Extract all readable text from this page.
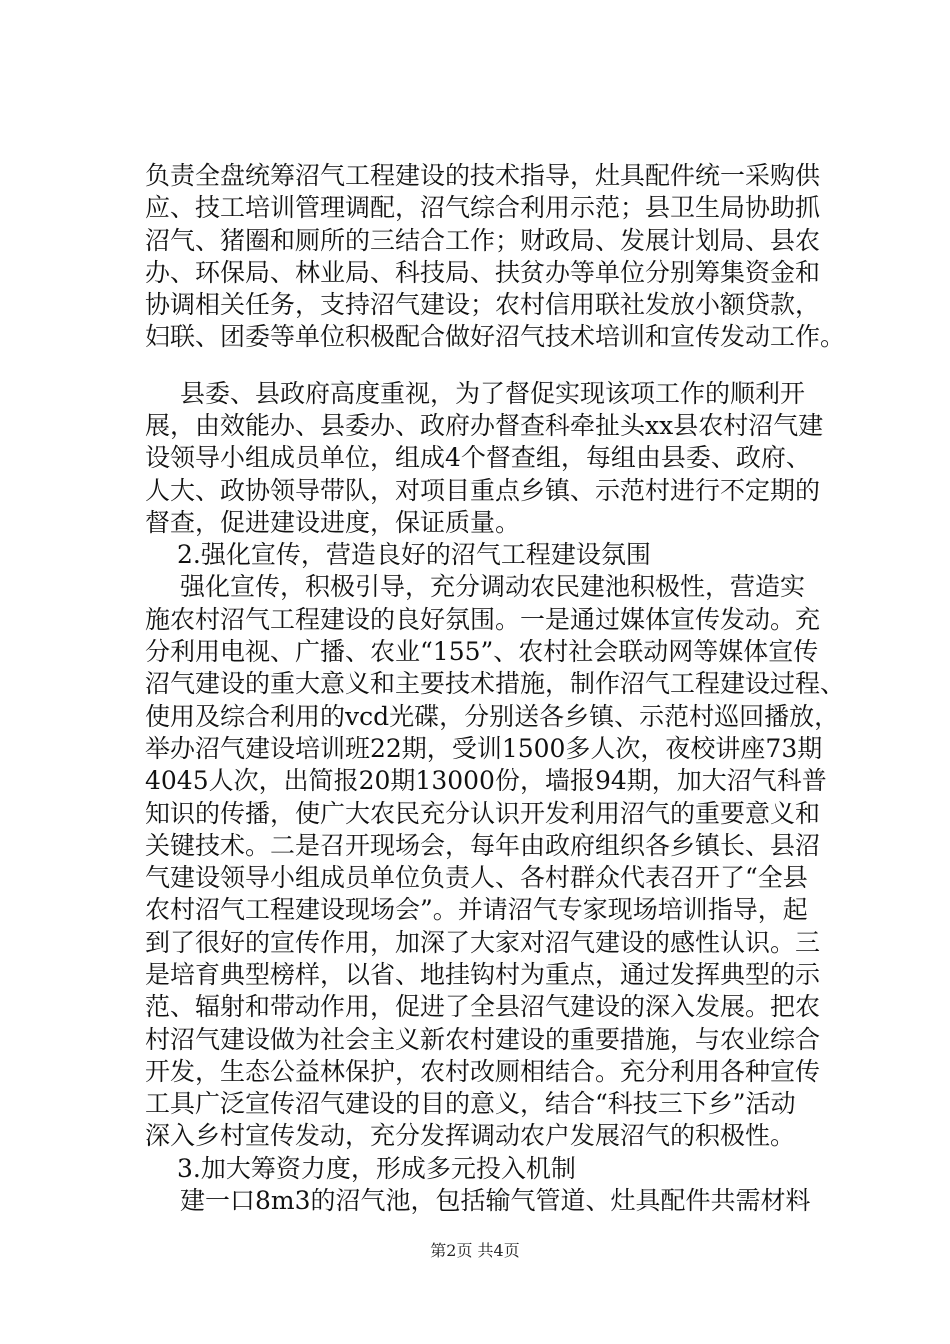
负责全盘统筹沼气工程建设的技术指导，灶具配件统一采购供
应、技工培训管理调配，沼气综合利用示范；县卫生局协助抓
沼气、猪圈和厕所的三结合工作；财政局、发展计划局、县农
办、环保局、林业局、科技局、扶贫办等单位分别筹集资金和
协调相关任务，支持沼气建设；农村信用联社发放小额贷款，
妇联、团委等单位积极配合做好沼气技术培训和宣传发动工作。
县委、县政府高度重视，为了督促实现该项工作的顺利开
展，由效能办、县委办、政府办督查科牵扯头xx县农村沼气建
设领导小组成员单位，组成4个督查组，每组由县委、政府、
人大、政协领导带队，对项目重点乡镇、示范村进行不定期的
督查，促进建设进度，保证质量。
2.强化宣传，营造良好的沼气工程建设氛围
强化宣传，积极引导，充分调动农民建池积极性，营造实
施农村沼气工程建设的良好氛围。一是通过媒体宣传发动。充
分利用电视、广播、农业“155”、农村社会联动网等媒体宣传
沼气建设的重大意义和主要技术措施，制作沼气工程建设过程、
使用及综合利用的vcd光碟，分别送各乡镇、示范村巡回播放，
举办沼气建设培训班22期，受训1500多人次，夜校讲座73期
4045人次，出简报20期13000份，墙报94期，加大沼气科普
知识的传播，使广大农民充分认识开发利用沼气的重要意义和
关键技术。二是召开现场会，每年由政府组织各乡镇长、县沼
气建设领导小组成员单位负责人、各村群众代表召开了“全县
农村沼气工程建设现场会”。并请沼气专家现场培训指导，起
到了很好的宣传作用，加深了大家对沼气建设的感性认识。三
是培育典型榜样，以省、地挂钩村为重点，通过发挥典型的示
范、辐射和带动作用，促进了全县沼气建设的深入发展。把农
村沼气建设做为社会主义新农村建设的重要措施，与农业综合
开发，生态公益林保护，农村改厕相结合。充分利用各种宣传
工具广泛宣传沼气建设的目的意义，结合“科技三下乡”活动
深入乡村宣传发动，充分发挥调动农户发展沼气的积极性。
3.加大筹资力度，形成多元投入机制
建一口8m3的沼气池，包括输气管道、灶具配件共需材料
第2页 共4页
